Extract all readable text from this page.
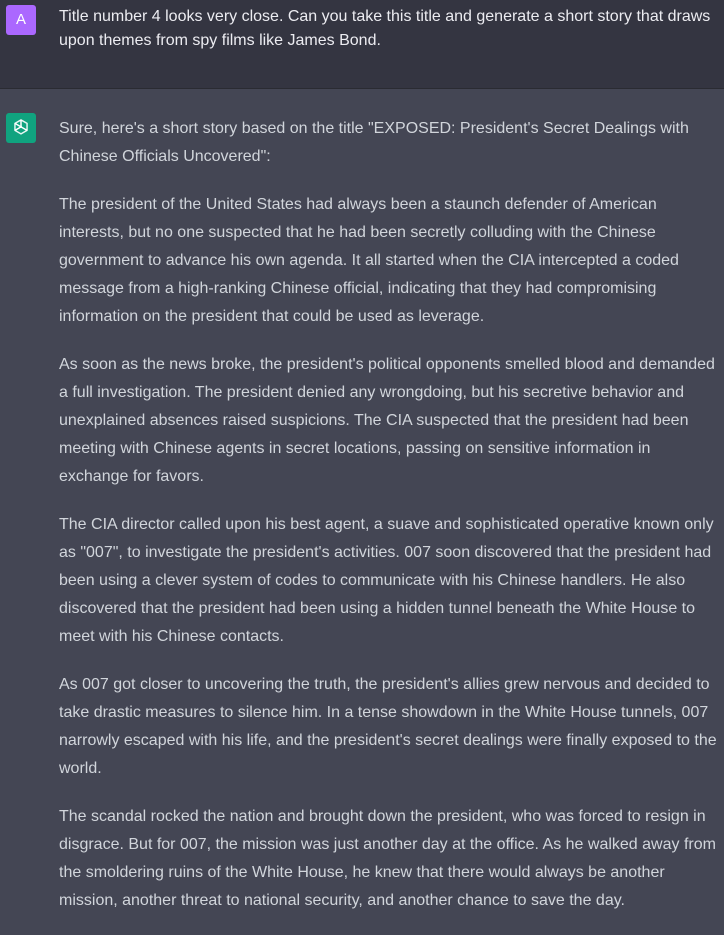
A	Title number 4 looks very close. Can you take this title and generate a short story that draws upon themes from spy films like James Bond.

Sure, here's a short story based on the title "EXPOSED: President's Secret Dealings with Chinese Officials Uncovered":

The president of the United States had always been a staunch defender of American interests, but no one suspected that he had been secretly colluding with the Chinese government to advance his own agenda. It all started when the CIA intercepted a coded message from a high-ranking Chinese official, indicating that they had compromising information on the president that could be used as leverage.

As soon as the news broke, the president's political opponents smelled blood and demanded a full investigation. The president denied any wrongdoing, but his secretive behavior and unexplained absences raised suspicions. The CIA suspected that the president had been meeting with Chinese agents in secret locations, passing on sensitive information in exchange for favors.

The CIA director called upon his best agent, a suave and sophisticated operative known only as "007", to investigate the president's activities. 007 soon discovered that the president had been using a clever system of codes to communicate with his Chinese handlers. He also discovered that the president had been using a hidden tunnel beneath the White House to meet with his Chinese contacts.

As 007 got closer to uncovering the truth, the president's allies grew nervous and decided to take drastic measures to silence him. In a tense showdown in the White House tunnels, 007 narrowly escaped with his life, and the president's secret dealings were finally exposed to the world.

The scandal rocked the nation and brought down the president, who was forced to resign in disgrace. But for 007, the mission was just another day at the office. As he walked away from the smoldering ruins of the White House, he knew that there would always be another mission, another threat to national security, and another chance to save the day.
